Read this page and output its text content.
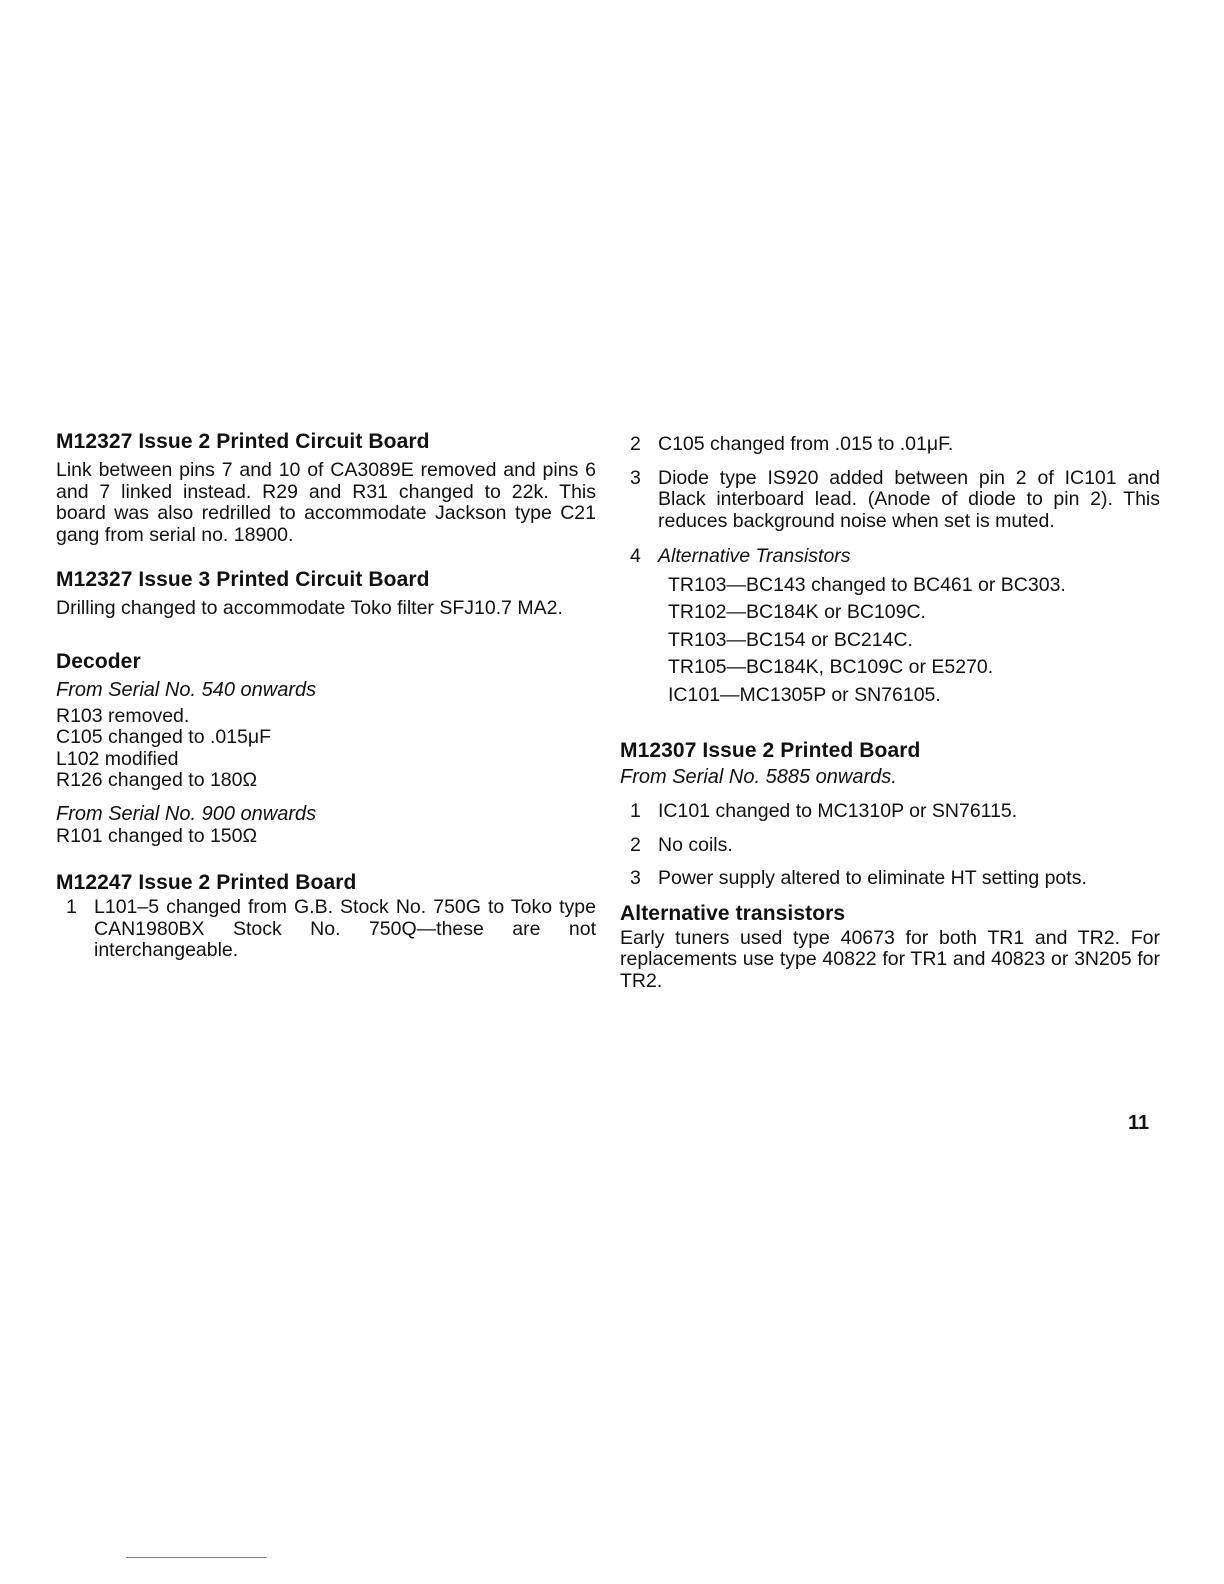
M12327 Issue 2 Printed Circuit Board

Link between pins 7 and 10 of CA3089E removed and pins 6 and 7 linked instead. R29 and R31 changed to 22k. This board was also redrilled to accommodate Jackson type C21 gang from serial no. 18900.

M12327 Issue 3 Printed Circuit Board

Drilling changed to accommodate Toko filter SFJ10.7 MA2.

Decoder
From Serial No. 540 onwards
R103 removed.
C105 changed to .015μF
L102 modified
R126 changed to 180Ω
From Serial No. 900 onwards
R101 changed to 150Ω
M12247 Issue 2 Printed Board
1 L101–5 changed from G.B. Stock No. 750G to Toko type CAN1980BX Stock No. 750Q—these are not interchangeable.
2 C105 changed from .015 to .01μF.
3 Diode type IS920 added between pin 2 of IC101 and Black interboard lead. (Anode of diode to pin 2). This reduces background noise when set is muted.
4 Alternative Transistors
TR103—BC143 changed to BC461 or BC303.
TR102—BC184K or BC109C.
TR103—BC154 or BC214C.
TR105—BC184K, BC109C or E5270.
IC101—MC1305P or SN76105.
M12307 Issue 2 Printed Board
From Serial No. 5885 onwards.
1 IC101 changed to MC1310P or SN76115.
2 No coils.
3 Power supply altered to eliminate HT setting pots.
Alternative transistors

Early tuners used type 40673 for both TR1 and TR2. For replacements use type 40822 for TR1 and 40823 or 3N205 for TR2.

11
